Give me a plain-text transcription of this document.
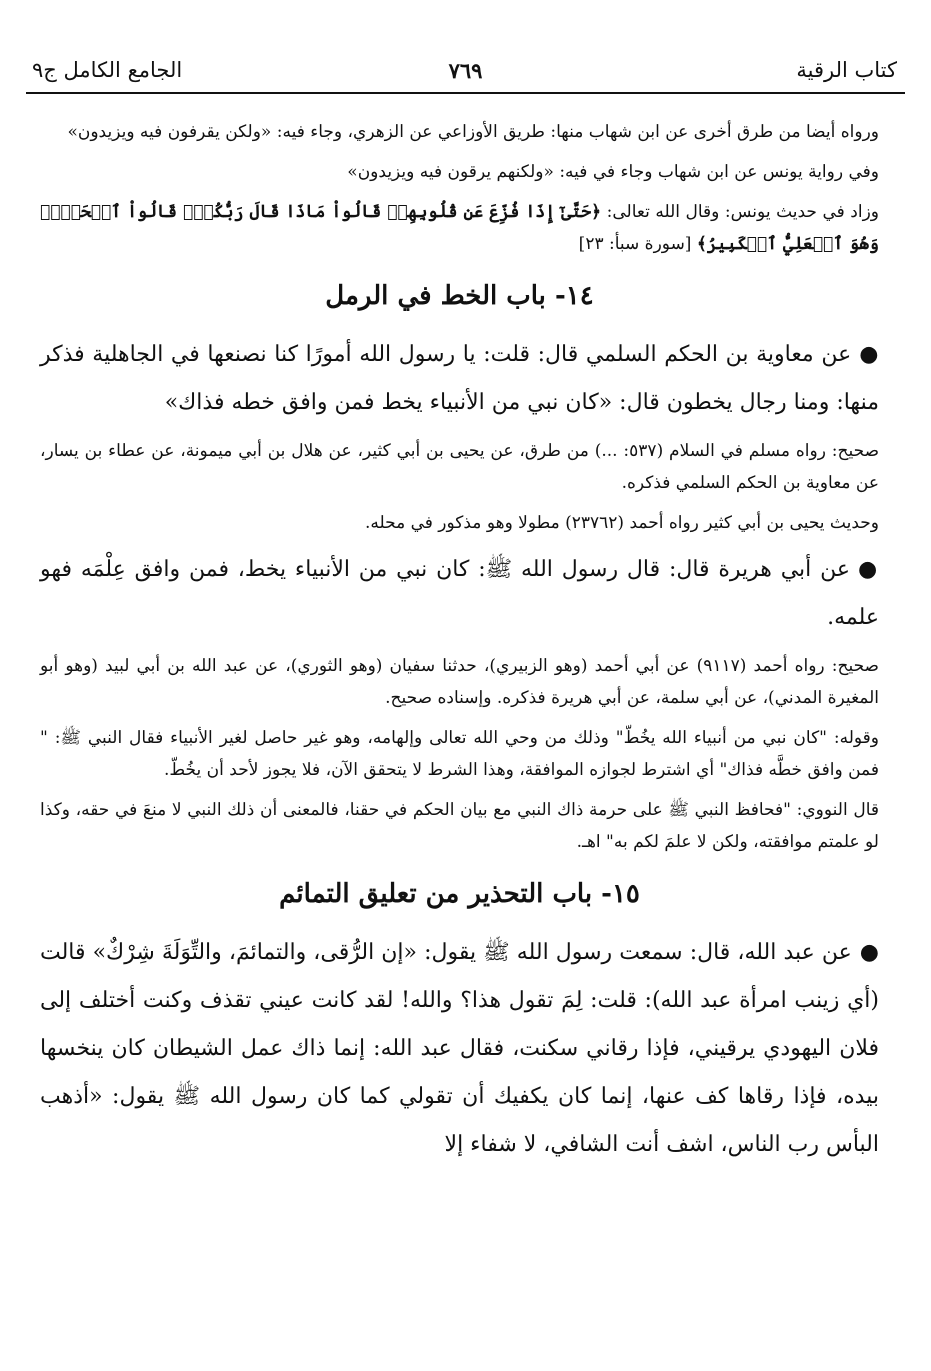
كتاب الرقية
٧٦٩
الجامع الكامل ج٩

ورواه أيضا من طرق أخرى عن ابن شهاب منها: طريق الأوزاعي عن الزهري، وجاء فيه: «ولكن يقرفون فيه ويزيدون»

وفي رواية يونس عن ابن شهاب وجاء في فيه: «ولكنهم يرقون فيه ويزيدون»

وزاد في حديث يونس: وقال الله تعالى: ﴿حَتَّىٰٓ إِذَا فُزِّعَ عَن قُلُوبِهِمۡ قَالُواْ مَاذَا قَالَ رَبُّكُمۡۖ قَالُواْ ٱلۡحَقَّۖ وَهُوَ ٱلۡعَلِيُّ ٱلۡكَبِيرُ﴾ [سورة سبأ: ٢٣]

١٤- باب الخط في الرمل

●عن معاوية بن الحكم السلمي قال: قلت: يا رسول الله أمورًا كنا نصنعها في الجاهلية فذكر منها: ومنا رجال يخطون قال: «كان نبي من الأنبياء يخط فمن وافق خطه فذاك»

صحيح: رواه مسلم في السلام (٥٣٧: ...) من طرق، عن يحيى بن أبي كثير، عن هلال بن أبي ميمونة، عن عطاء بن يسار، عن معاوية بن الحكم السلمي فذكره.

وحديث يحيى بن أبي كثير رواه أحمد (٢٣٧٦٢) مطولا وهو مذكور في محله.

●عن أبي هريرة قال: قال رسول الله ﷺ: كان نبي من الأنبياء يخط، فمن وافق عِلْمَه فهو علمه.

صحيح: رواه أحمد (٩١١٧) عن أبي أحمد (وهو الزبيري)، حدثنا سفيان (وهو الثوري)، عن عبد الله بن أبي لبيد (وهو أبو المغيرة المدني)، عن أبي سلمة، عن أبي هريرة فذكره. وإسناده صحيح.

وقوله: "كان نبي من أنبياء الله يخُطّ" وذلك من وحي الله تعالى وإلهامه، وهو غير حاصل لغير الأنبياء فقال النبي ﷺ: " فمن وافق خطَّه فذاك" أي اشترط لجوازه الموافقة، وهذا الشرط لا يتحقق الآن، فلا يجوز لأحد أن يخُطّ.

قال النووي: "فحافظ النبي ﷺ على حرمة ذاك النبي مع بيان الحكم في حقنا، فالمعنى أن ذلك النبي لا منعَ في حقه، وكذا لو علمتم موافقته، ولكن لا علمَ لكم به" اهـ.

١٥- باب التحذير من تعليق التمائم

●عن عبد الله، قال: سمعت رسول الله ﷺ يقول: «إن الرُّقى، والتمائمَ، والتِّوَلَةَ شِرْكٌ» قالت (أي زينب امرأة عبد الله): قلت: لِمَ تقول هذا؟ والله! لقد كانت عيني تقذف وكنت أختلف إلى فلان اليهودي يرقيني، فإذا رقاني سكنت، فقال عبد الله: إنما ذاك عمل الشيطان كان ينخسها بيده، فإذا رقاها كف عنها، إنما كان يكفيك أن تقولي كما كان رسول الله ﷺ يقول: «أذهب البأس رب الناس، اشف أنت الشافي، لا شفاء إلا
